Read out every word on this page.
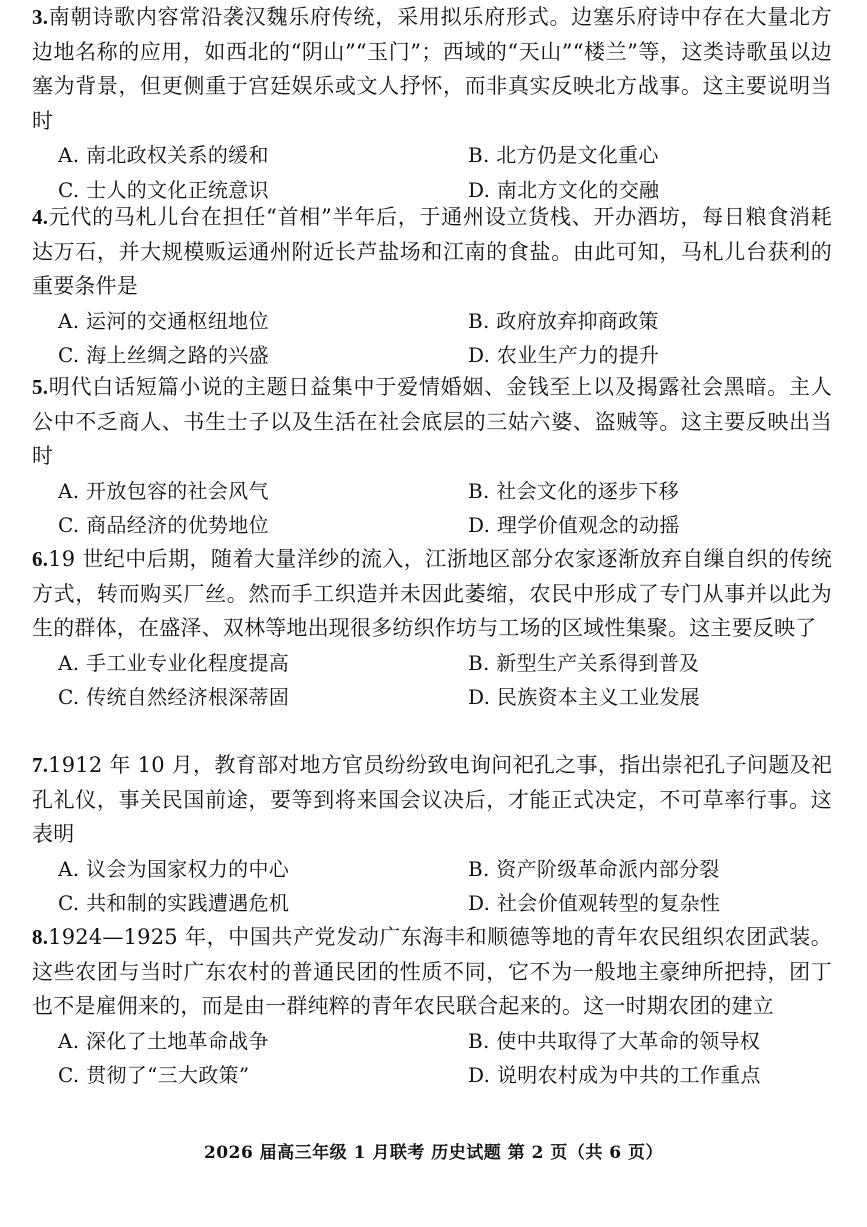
3.南朝诗歌内容常沿袭汉魏乐府传统，采用拟乐府形式。边塞乐府诗中存在大量北方边地名称的应用，如西北的“阴山”“玉门”；西域的“天山”“楼兰”等，这类诗歌虽以边塞为背景，但更侧重于宫廷娱乐或文人抒怀，而非真实反映北方战事。这主要说明当时

A. 南北政权关系的缓和	B. 北方仍是文化重心
C. 士人的文化正统意识	D. 南北方文化的交融

4.元代的马札儿台在担任“首相”半年后，于通州设立货栈、开办酒坊，每日粮食消耗达万石，并大规模贩运通州附近长芦盐场和江南的食盐。由此可知，马札儿台获利的重要条件是

A. 运河的交通枢纽地位	B. 政府放弃抑商政策
C. 海上丝绸之路的兴盛	D. 农业生产力的提升

5.明代白话短篇小说的主题日益集中于爱情婚姻、金钱至上以及揭露社会黑暗。主人公中不乏商人、书生士子以及生活在社会底层的三姑六婆、盗贼等。这主要反映出当时

A. 开放包容的社会风气	B. 社会文化的逐步下移
C. 商品经济的优势地位	D. 理学价值观念的动摇

6.19 世纪中后期，随着大量洋纱的流入，江浙地区部分农家逐渐放弃自缫自织的传统方式，转而购买厂丝。然而手工织造并未因此萎缩，农民中形成了专门从事并以此为生的群体，在盛泽、双林等地出现很多纺织作坊与工场的区域性集聚。这主要反映了

A. 手工业专业化程度提高	B. 新型生产关系得到普及
C. 传统自然经济根深蒂固	D. 民族资本主义工业发展

7.1912 年 10 月，教育部对地方官员纷纷致电询问祀孔之事，指出崇祀孔子问题及祀孔礼仪，事关民国前途，要等到将来国会议决后，才能正式决定，不可草率行事。这表明

A. 议会为国家权力的中心	B. 资产阶级革命派内部分裂
C. 共和制的实践遭遇危机	D. 社会价值观转型的复杂性

8.1924—1925 年，中国共产党发动广东海丰和顺德等地的青年农民组织农团武装。这些农团与当时广东农村的普通民团的性质不同，它不为一般地主豪绅所把持，团丁也不是雇佣来的，而是由一群纯粹的青年农民联合起来的。这一时期农团的建立

A. 深化了土地革命战争	B. 使中共取得了大革命的领导权
C. 贯彻了“三大政策”	D. 说明农村成为中共的工作重点
2026 届高三年级 1 月联考 历史试题 第 2 页（共 6 页）
